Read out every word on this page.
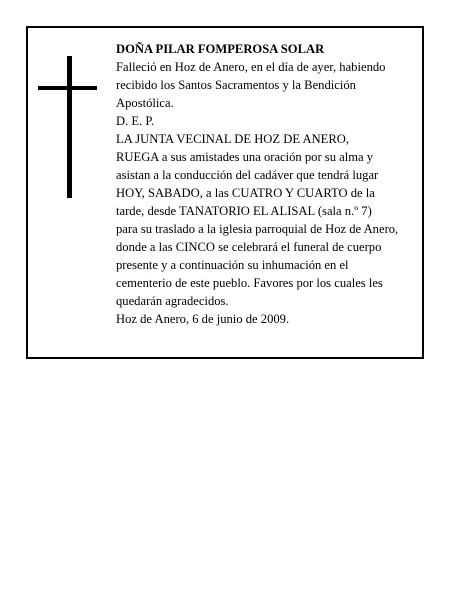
DOÑA PILAR FOMPEROSA SOLAR
Falleció en Hoz de Anero, en el día de ayer, habiendo
recibido los Santos Sacramentos y la Bendición
Apostólica.
D. E. P.
LA JUNTA VECINAL DE HOZ DE ANERO,
RUEGA a sus amistades una oración por su alma y
asistan a la conducción del cadáver que tendrá lugar
HOY, SABADO, a las CUATRO Y CUARTO de la
tarde, desde TANATORIO EL ALISAL (sala n.º 7)
para su traslado a la iglesia parroquial de Hoz de Anero,
donde a las CINCO se celebrará el funeral de cuerpo
presente y a continuación su inhumación en el
cementerio de este pueblo. Favores por los cuales les
quedarán agradecidos.
Hoz de Anero, 6 de junio de 2009.
